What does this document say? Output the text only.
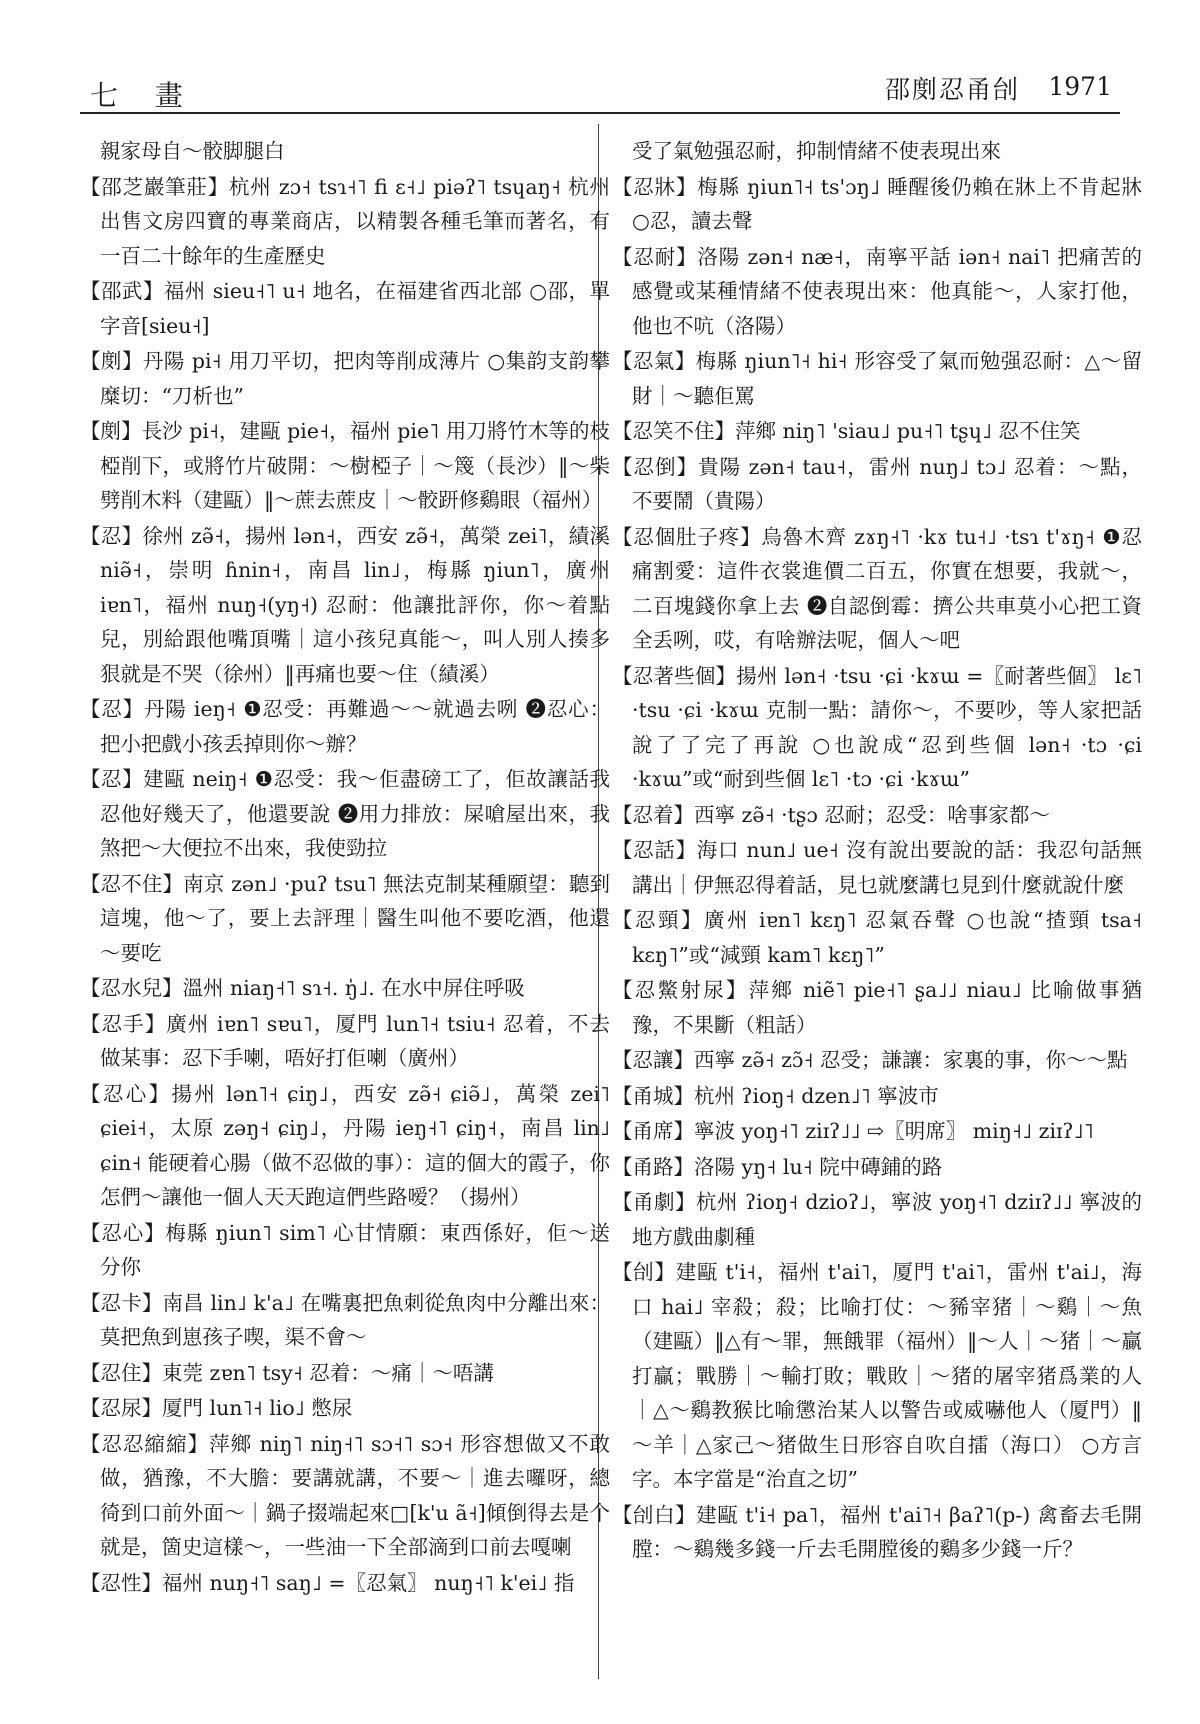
七 畫	邵剫忍甬刣 1971

親家母自～骹脚腿白

【邵芝巖筆莊】杭州 zɔ˧ tsɿ˧˥ fi ɛ˧˩ piəʔ˥ tsɥaŋ˧ 杭州出售文房四寶的專業商店，以精製各種毛筆而著名，有一百二十餘年的生產歷史

【邵武】福州 sieu˧˥ u˧ 地名，在福建省西北部 ○邵，單字音[sieu˧]

【剫】丹陽 pi˧ 用刀平切，把肉等削成薄片 ○集韵支韵攀糜切：“刀析也”

【剫】長沙 pi˧，建甌 pie˧，福州 pie˥ 用刀將竹木等的枝椏削下，或將竹片破開：～樹椏子｜～篾（長沙）‖～柴劈削木料（建甌）‖～蔗去蔗皮｜～骹趼修鷄眼（福州）

【忍】徐州 zə̃˧，揚州 lən˧，西安 zə̃˧，萬榮 zei˥，績溪 niə̃˧，崇明 ɦnin˧，南昌 lin˩，梅縣 ŋiun˥，廣州 iɐn˥，福州 nuŋ˧(yŋ˧) 忍耐：他讓批評你，你～着點兒，別給跟他嘴頂嘴｜這小孩兒真能～，叫人別人揍多狠就是不哭（徐州）‖再痛也要～住（績溪）

【忍】丹陽 ieŋ˧ ❶忍受：再難過～～就過去咧 ❷忍心：把小把戲小孩丢掉則你～辦？

【忍】建甌 neiŋ˧ ❶忍受：我～佢盡磅工了，佢故讓話我忍他好幾天了，他還要說 ❷用力排放：屎嗆屋出來，我煞把～大便拉不出來，我使勁拉

【忍不住】南京 zən˩ ·puʔ tsu˥ 無法克制某種願望：聽到這塊，他～了，要上去評理｜醫生叫他不要吃酒，他還～要吃

【忍水兒】溫州 niaŋ˧˥ sɿ˧. ŋ̍˩. 在水中屏住呼吸

【忍手】廣州 iɐn˥ sɐu˥，厦門 lun˥˧ tsiu˧ 忍着，不去做某事：忍下手喇，唔好打佢喇（廣州）

【忍心】揚州 lən˥˧ ɕiŋ˩，西安 zə̃˧ ɕiə̃˩，萬榮 zei˥ ɕiei˧，太原 zəŋ˧ ɕiŋ˩，丹陽 ieŋ˧˥ ɕiŋ˧，南昌 lin˩ ɕin˧ 能硬着心腸（做不忍做的事）：這的個大的霞子，你怎們～讓他一個人天天跑這們些路嗳？（揚州）

【忍心】梅縣 ŋiun˥ sim˥ 心甘情願：東西係好，佢～送分你

【忍卡】南昌 lin˩ k'a˩ 在嘴裏把魚刺從魚肉中分離出來：莫把魚到崽孩子喫，渠不會～

【忍住】東莞 zɐn˥ tsy˧ 忍着：～痛｜～唔講

【忍尿】厦門 lun˥˧ lio˩ 憋尿

【忍忍縮縮】萍鄉 niŋ˥ niŋ˧˥ sɔ˧˥ sɔ˧ 形容想做又不敢做，猶豫，不大膽：要講就講，不要～｜進去囉呀，總徛到口前外面～｜鍋子掇端起來□[k'u ã˧]傾倒得去是个就是，箇史這樣～，一些油一下全部滴到口前去嘎喇

【忍性】福州 nuŋ˧˥ saŋ˩ =〖忍氣〗 nuŋ˧˥ k'ei˩ 指

受了氣勉强忍耐，抑制情緒不使表現出來

【忍牀】梅縣 ŋiun˥˧ ts'ɔŋ˩ 睡醒後仍賴在牀上不肯起牀 ○忍，讀去聲

【忍耐】洛陽 zən˧ næ˧，南寧平話 iən˧ nai˥ 把痛苦的感覺或某種情緒不使表現出來：他真能～，人家打他，他也不吭（洛陽）

【忍氣】梅縣 ŋiun˥˧ hi˧ 形容受了氣而勉强忍耐：△～留財｜～聽佢罵

【忍笑不住】萍鄉 niŋ˥ 'siau˩ pu˧˥ tʂɥ˩ 忍不住笑

【忍倒】貴陽 zən˧ tau˧，雷州 nuŋ˩ tɔ˩ 忍着：～點，不要鬧（貴陽）

【忍個肚子疼】烏魯木齊 zɤŋ˧˥ ·kɤ tu˧˩ ·tsɿ t'ɤŋ˧ ❶忍痛割愛：這件衣裳進價二百五，你實在想要，我就～，二百塊錢你拿上去 ❷自認倒霉：擠公共車莫小心把工資全丢咧，哎，有啥辦法呢，個人～吧

【忍著些個】揚州 lən˧ ·tsu ·ɕi ·kɤɯ =〖耐著些個〗 lɛ˥ ·tsu ·ɕi ·kɤɯ 克制一點：請你～，不要吵，等人家把話說了了完了再說 ○也說成“忍到些個 lən˧ ·tɔ ·ɕi ·kɤɯ”或“耐到些個 lɛ˥ ·tɔ ·ɕi ·kɤɯ”

【忍着】西寧 zə̃˧ ·tʂɔ 忍耐；忍受：啥事家都～

【忍話】海口 nun˩ ue˧ 沒有說出要說的話：我忍句話無講出｜伊無忍得着話，見乜就麼講乜見到什麼就說什麼

【忍頸】廣州 iɐn˥ kɛŋ˥ 忍氣吞聲 ○也說“揸頸 tsa˧ kɛŋ˥”或“減頸 kam˥ kɛŋ˥”

【忍鱉射尿】萍鄉 niẽ˥ pie˧˥ ʂa˩˩ niau˩ 比喻做事猶豫，不果斷（粗話）

【忍讓】西寧 zə̃˧ zɔ̃˧ 忍受；謙讓：家裏的事，你～～點

【甬城】杭州 ʔioŋ˧ dzen˩˥ 寧波市

【甬席】寧波 yoŋ˧˥ ziɪʔ˩˩ ⇨〖明席〗 miŋ˧˩ ziɪʔ˩˥

【甬路】洛陽 yŋ˧ lu˧ 院中磚鋪的路

【甬劇】杭州 ʔioŋ˧ dzioʔ˩，寧波 yoŋ˧˥ dziɪʔ˩˩ 寧波的地方戲曲劇種

【刣】建甌 t'i˧，福州 t'ai˥，厦門 t'ai˥，雷州 t'ai˩，海口 hai˩ 宰殺；殺；比喻打仗：～豨宰猪｜～鷄｜～魚（建甌）‖△有～罪，無餓罪（福州）‖～人｜～猪｜～贏打贏；戰勝｜～輸打敗；戰敗｜～猪的屠宰猪爲業的人｜△～鷄教猴比喻懲治某人以警告或威嚇他人（厦門）‖～羊｜△家己～猪做生日形容自吹自擂（海口） ○方言字。本字當是“治直之切”

【刣白】建甌 t'i˧ pa˥，福州 t'ai˥˧ βaʔ˥(p-) 禽畜去毛開膛：～鷄幾多錢一斤去毛開膛後的鷄多少錢一斤？
